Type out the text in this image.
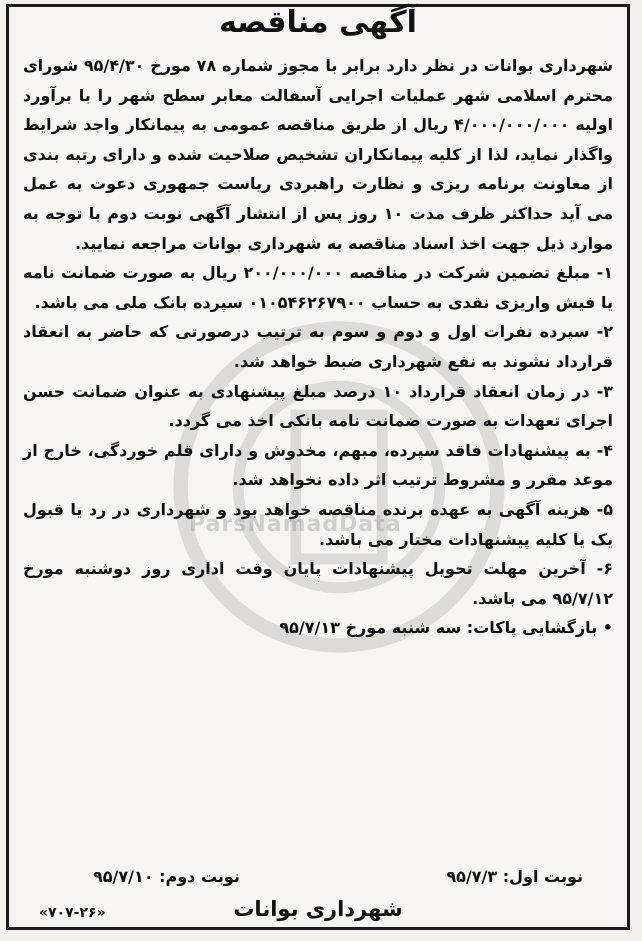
ParsNamadData
آگهی مناقصه

شهرداری بوانات در نظر دارد برابر با مجوز شماره ۷۸ مورخ ۹۵/۴/۳۰ شورای محترم اسلامی شهر عملیات اجرایی آسفالت معابر سطح شهر را با برآورد اولیه ۴/۰۰۰/۰۰۰/۰۰۰ ریال از طریق مناقصه عمومی به پیمانکار واجد شرایط واگذار نماید، لذا از کلیه پیمانکاران تشخیص صلاحیت شده و دارای رتبه بندی از معاونت برنامه ریزی و نظارت راهبردی ریاست جمهوری دعوت به عمل می آید حداکثر ظرف مدت ۱۰ روز پس از انتشار آگهی نوبت دوم با توجه به موارد ذیل جهت اخذ اسناد مناقصه به شهرداری بوانات مراجعه نمایید.

۱- مبلغ تضمین شرکت در مناقصه ۲۰۰/۰۰۰/۰۰۰ ریال به صورت ضمانت نامه یا فیش واریزی نقدی به حساب ۰۱۰۵۴۶۲۶۷۹۰۰ سپرده بانک ملی می باشد.

۲- سپرده نفرات اول و دوم و سوم به ترتیب درصورتی که حاضر به انعقاد قرارداد نشوند به نفع شهرداری ضبط خواهد شد.

۳- در زمان انعقاد قرارداد ۱۰ درصد مبلغ پیشنهادی به عنوان ضمانت حسن اجرای تعهدات به صورت ضمانت نامه بانکی اخذ می گردد.

۴- به پیشنهادات فاقد سپرده، مبهم، مخدوش و دارای قلم خوردگی، خارج از موعد مقرر و مشروط ترتیب اثر داده نخواهد شد.

۵- هزینه آگهی به عهده برنده مناقصه خواهد بود و شهرداری در رد یا قبول یک یا کلیه پیشنهادات مختار می باشد.

۶- آخرین مهلت تحویل پیشنهادات پایان وقت اداری روز دوشنبه مورخ ۹۵/۷/۱۲ می باشد.

• بازگشایی پاکات: سه شنبه مورخ ۹۵/۷/۱۳

نوبت اول: ۹۵/۷/۳
نوبت دوم: ۹۵/۷/۱۰
شهرداری بوانات
«۷۰۷-۲۶»
